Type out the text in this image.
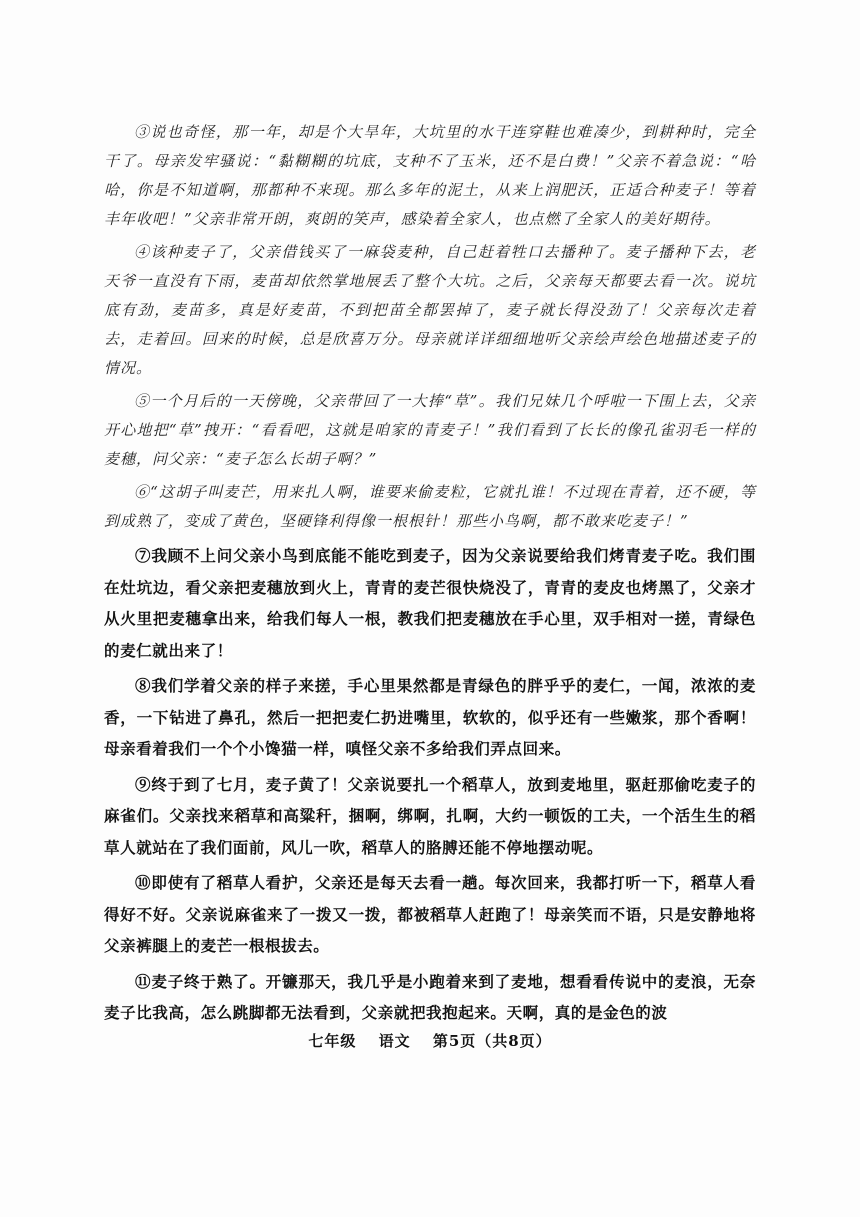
③说也奇怪，那一年，却是个大旱年，大坑里的水干连穿鞋也难凑少，到耕种时，完全干了。母亲发牢骚说：“黏糊糊的坑底，支种不了玉米，还不是白费！”父亲不着急说：“哈哈，你是不知道啊，那都种不来现。那么多年的泥土，从来上润肥沃，正适合种麦子！等着丰年收吧！”父亲非常开朗，爽朗的笑声，感染着全家人，也点燃了全家人的美好期待。

④该种麦子了，父亲借钱买了一麻袋麦种，自己赶着牲口去播种了。麦子播种下去，老天爷一直没有下雨，麦苗却依然掌地展丢了整个大坑。之后，父亲每天都要去看一次。说坑底有劲，麦苗多，真是好麦苗，不到把苗全都罢掉了，麦子就长得没劲了！父亲每次走着去，走着回。回来的时候，总是欣喜万分。母亲就详详细细地听父亲绘声绘色地描述麦子的情况。

⑤一个月后的一天傍晚，父亲带回了一大捧“草”。我们兄妹几个呼啦一下围上去，父亲开心地把“草”拽开：“看看吧，这就是咱家的青麦子！”我们看到了长长的像孔雀羽毛一样的麦穗，问父亲：“麦子怎么长胡子啊？”

⑥“这胡子叫麦芒，用来扎人啊，谁要来偷麦粒，它就扎谁！不过现在青着，还不硬，等到成熟了，变成了黄色，坚硬锋利得像一根根针！那些小鸟啊，都不敢来吃麦子！”

⑦我顾不上问父亲小鸟到底能不能吃到麦子，因为父亲说要给我们烤青麦子吃。我们围在灶坑边，看父亲把麦穗放到火上，青青的麦芒很快烧没了，青青的麦皮也烤黑了，父亲才从火里把麦穗拿出来，给我们每人一根，教我们把麦穗放在手心里，双手相对一搓，青绿色的麦仁就出来了！

⑧我们学着父亲的样子来搓，手心里果然都是青绿色的胖乎乎的麦仁，一闻，浓浓的麦香，一下钻进了鼻孔，然后一把把麦仁扔进嘴里，软软的，似乎还有一些嫩浆，那个香啊！母亲看着我们一个个小馋猫一样，嗔怪父亲不多给我们弄点回来。

⑨终于到了七月，麦子黄了！父亲说要扎一个稻草人，放到麦地里，驱赶那偷吃麦子的麻雀们。父亲找来稻草和高粱秆，捆啊，绑啊，扎啊，大约一顿饭的工夫，一个活生生的稻草人就站在了我们面前，风儿一吹，稻草人的胳膊还能不停地摆动呢。

⑩即使有了稻草人看护，父亲还是每天去看一趟。每次回来，我都打听一下，稻草人看得好不好。父亲说麻雀来了一拨又一拨，都被稻草人赶跑了！母亲笑而不语，只是安静地将父亲裤腿上的麦芒一根根拔去。

⑪麦子终于熟了。开镰那天，我几乎是小跑着来到了麦地，想看看传说中的麦浪，无奈麦子比我高，怎么跳脚都无法看到，父亲就把我抱起来。天啊，真的是金色的波

七年级 语文 第5页（共8页）
